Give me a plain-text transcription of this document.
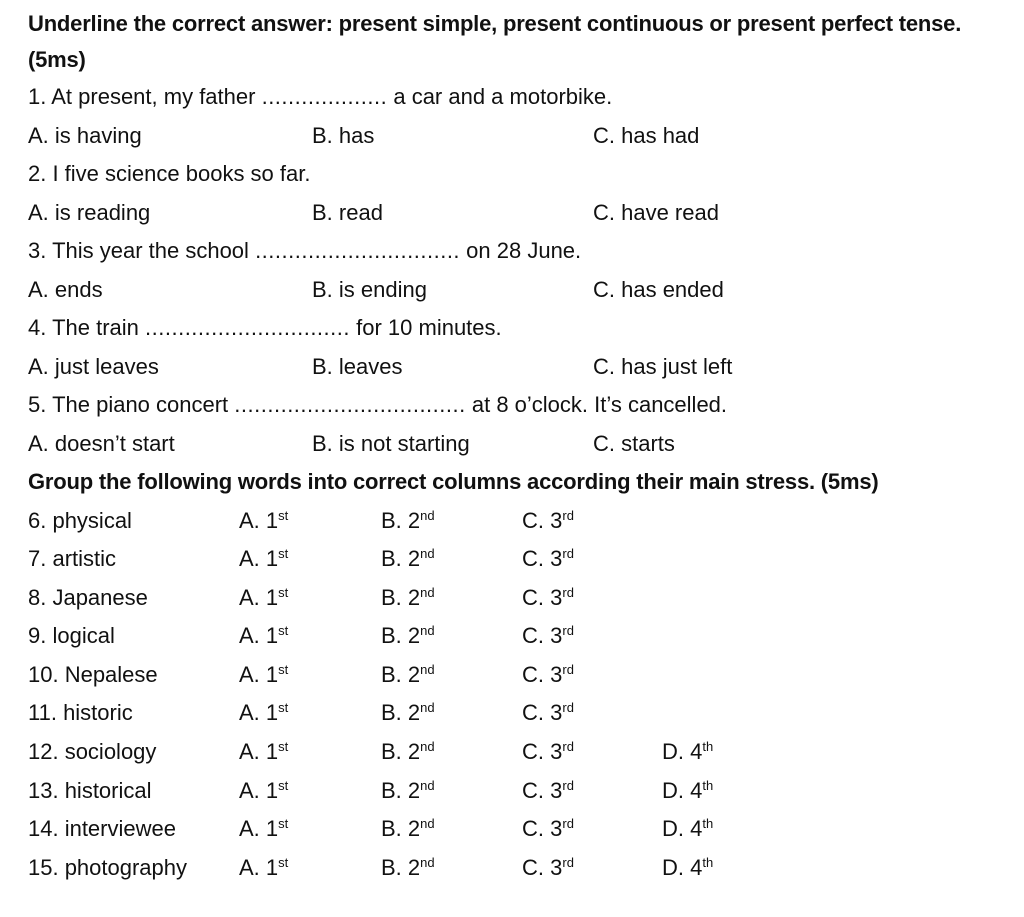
Underline the correct answer: present simple, present continuous or present perfect tense. (5ms)
1. At present, my father ................... a car and a motorbike.
A. is having	B. has	C. has had
2. I five science books so far.
A. is reading	B. read	C. have read
3. This year the school ............................... on 28 June.
A. ends	B. is ending	C. has ended
4. The train ............................... for 10 minutes.
A. just leaves	B. leaves	C. has just left
5. The piano concert ................................... at 8 o’clock. It’s cancelled.
A. doesn’t start	B. is not starting	C. starts
Group the following words into correct columns according their main stress. (5ms)
6. physical	A. 1st	B. 2nd	C. 3rd
7. artistic	A. 1st	B. 2nd	C. 3rd
8. Japanese	A. 1st	B. 2nd	C. 3rd
9. logical	A. 1st	B. 2nd	C. 3rd
10. Nepalese	A. 1st	B. 2nd	C. 3rd
11. historic	A. 1st	B. 2nd	C. 3rd
12. sociology	A. 1st	B. 2nd	C. 3rd	D. 4th
13. historical	A. 1st	B. 2nd	C. 3rd	D. 4th
14. interviewee	A. 1st	B. 2nd	C. 3rd	D. 4th
15. photography A. 1st	B. 2nd	C. 3rd	D. 4th
